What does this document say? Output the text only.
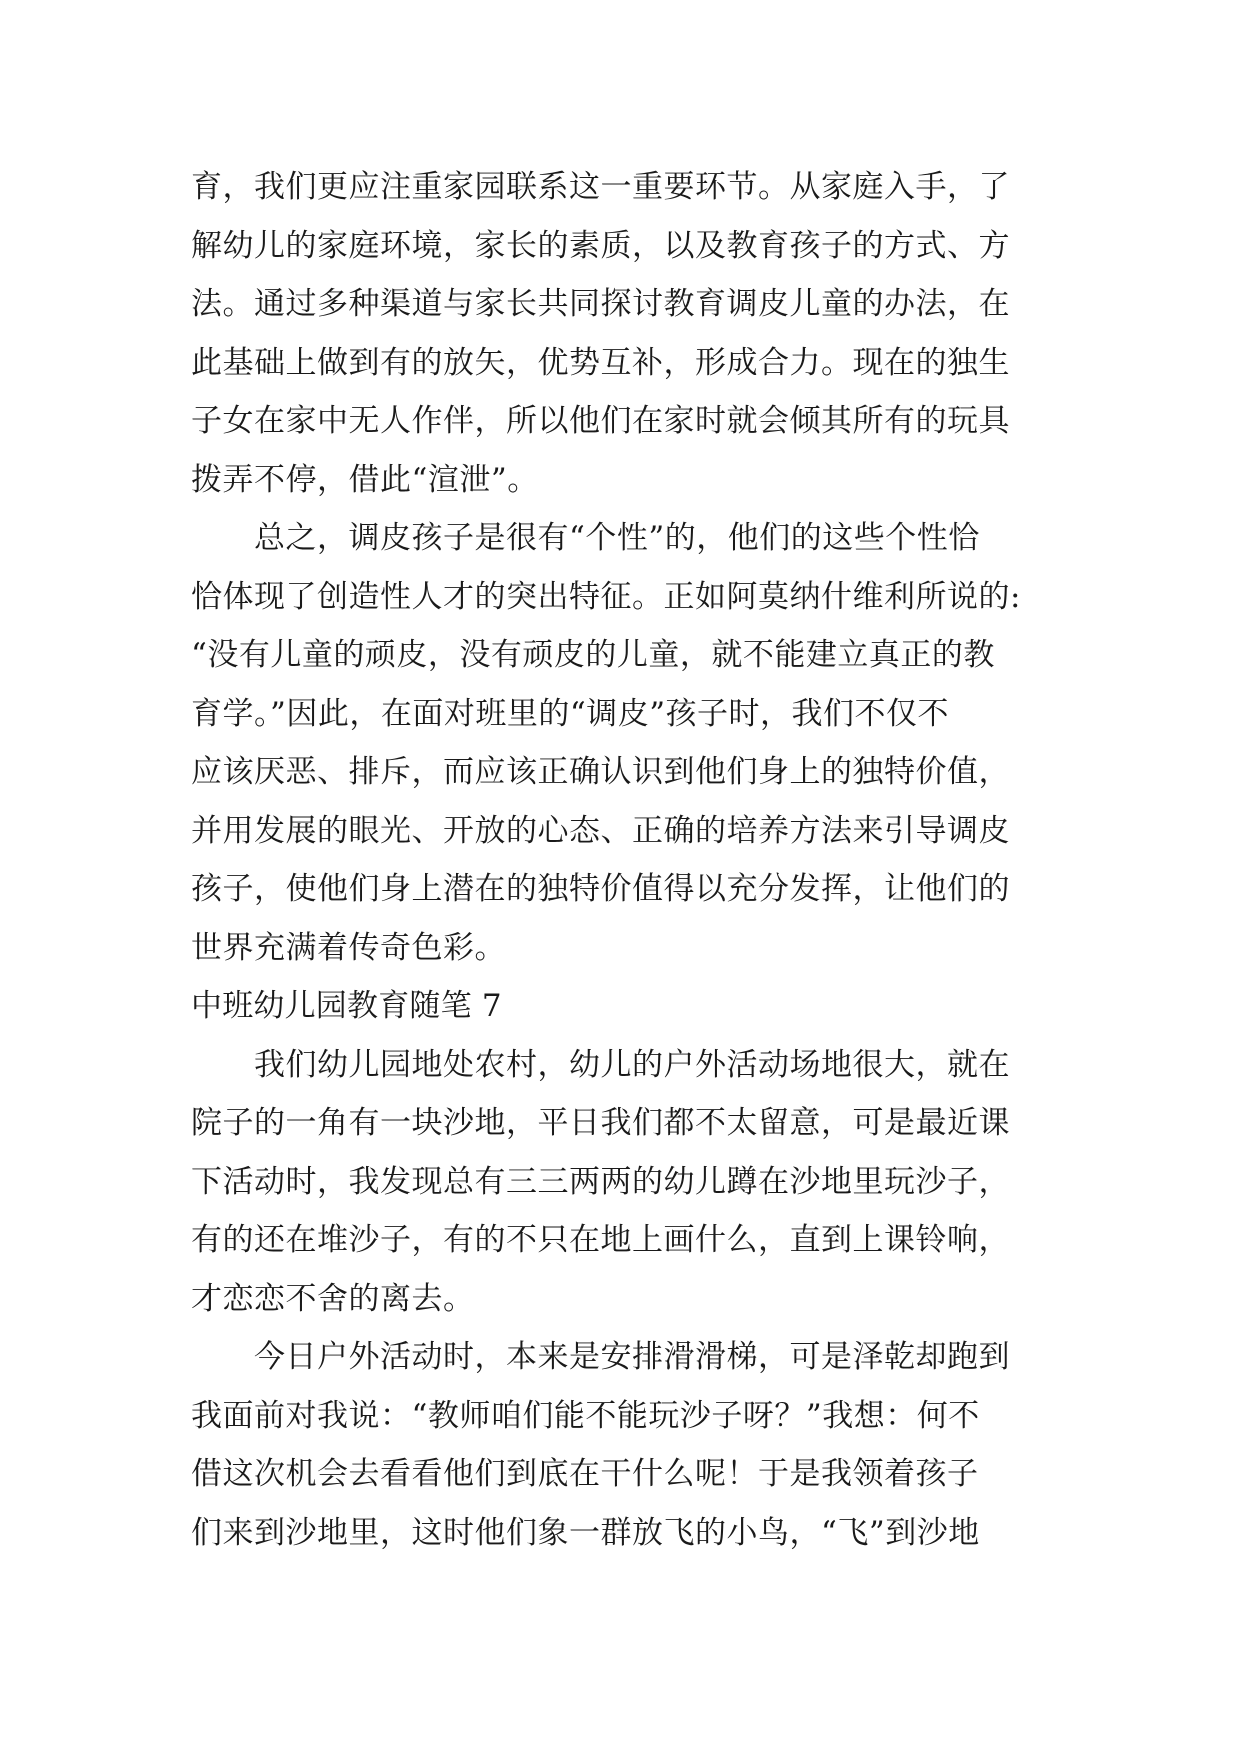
育，我们更应注重家园联系这一重要环节。从家庭入手，了
解幼儿的家庭环境，家长的素质，以及教育孩子的方式、方
法。通过多种渠道与家长共同探讨教育调皮儿童的办法，在
此基础上做到有的放矢，优势互补，形成合力。现在的独生
子女在家中无人作伴，所以他们在家时就会倾其所有的玩具
拨弄不停，借此“渲泄”。
　　总之，调皮孩子是很有“个性”的，他们的这些个性恰
恰体现了创造性人才的突出特征。正如阿莫纳什维利所说的:
“没有儿童的顽皮，没有顽皮的儿童，就不能建立真正的教
育学。”因此，在面对班里的“调皮”孩子时，我们不仅不
应该厌恶、排斥，而应该正确认识到他们身上的独特价值，
并用发展的眼光、开放的心态、正确的培养方法来引导调皮
孩子，使他们身上潜在的独特价值得以充分发挥，让他们的
世界充满着传奇色彩。
中班幼儿园教育随笔 7
　　我们幼儿园地处农村，幼儿的户外活动场地很大，就在
院子的一角有一块沙地，平日我们都不太留意，可是最近课
下活动时，我发现总有三三两两的幼儿蹲在沙地里玩沙子，
有的还在堆沙子，有的不只在地上画什么，直到上课铃响，
才恋恋不舍的离去。
　　今日户外活动时，本来是安排滑滑梯，可是泽乾却跑到
我面前对我说：“教师咱们能不能玩沙子呀？”我想：何不
借这次机会去看看他们到底在干什么呢！于是我领着孩子
们来到沙地里，这时他们象一群放飞的小鸟，“飞”到沙地
